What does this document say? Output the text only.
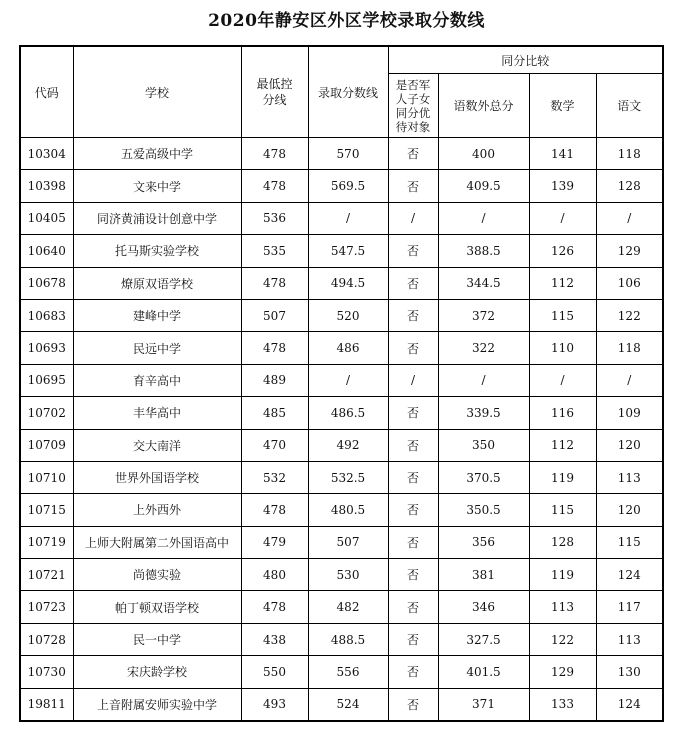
2020年静安区外区学校录取分数线
代码	学校	最低控分线	录取分数线	同分比较			
				是否军人子女同分优待对象	语数外总分	数学	语文
10304	五爱高级中学	478	570	否	400	141	118
10398	文来中学	478	569.5	否	409.5	139	128
10405	同济黄浦设计创意中学	536	/	/	/	/	/
10640	托马斯实验学校	535	547.5	否	388.5	126	129
10678	燎原双语学校	478	494.5	否	344.5	112	106
10683	建峰中学	507	520	否	372	115	122
10693	民远中学	478	486	否	322	110	118
10695	育辛高中	489	/	/	/	/	/
10702	丰华高中	485	486.5	否	339.5	116	109
10709	交大南洋	470	492	否	350	112	120
10710	世界外国语学校	532	532.5	否	370.5	119	113
10715	上外西外	478	480.5	否	350.5	115	120
10719	上师大附属第二外国语高中	479	507	否	356	128	115
10721	尚德实验	480	530	否	381	119	124
10723	帕丁顿双语学校	478	482	否	346	113	117
10728	民一中学	438	488.5	否	327.5	122	113
10730	宋庆龄学校	550	556	否	401.5	129	130
19811	上音附属安师实验中学	493	524	否	371	133	124
